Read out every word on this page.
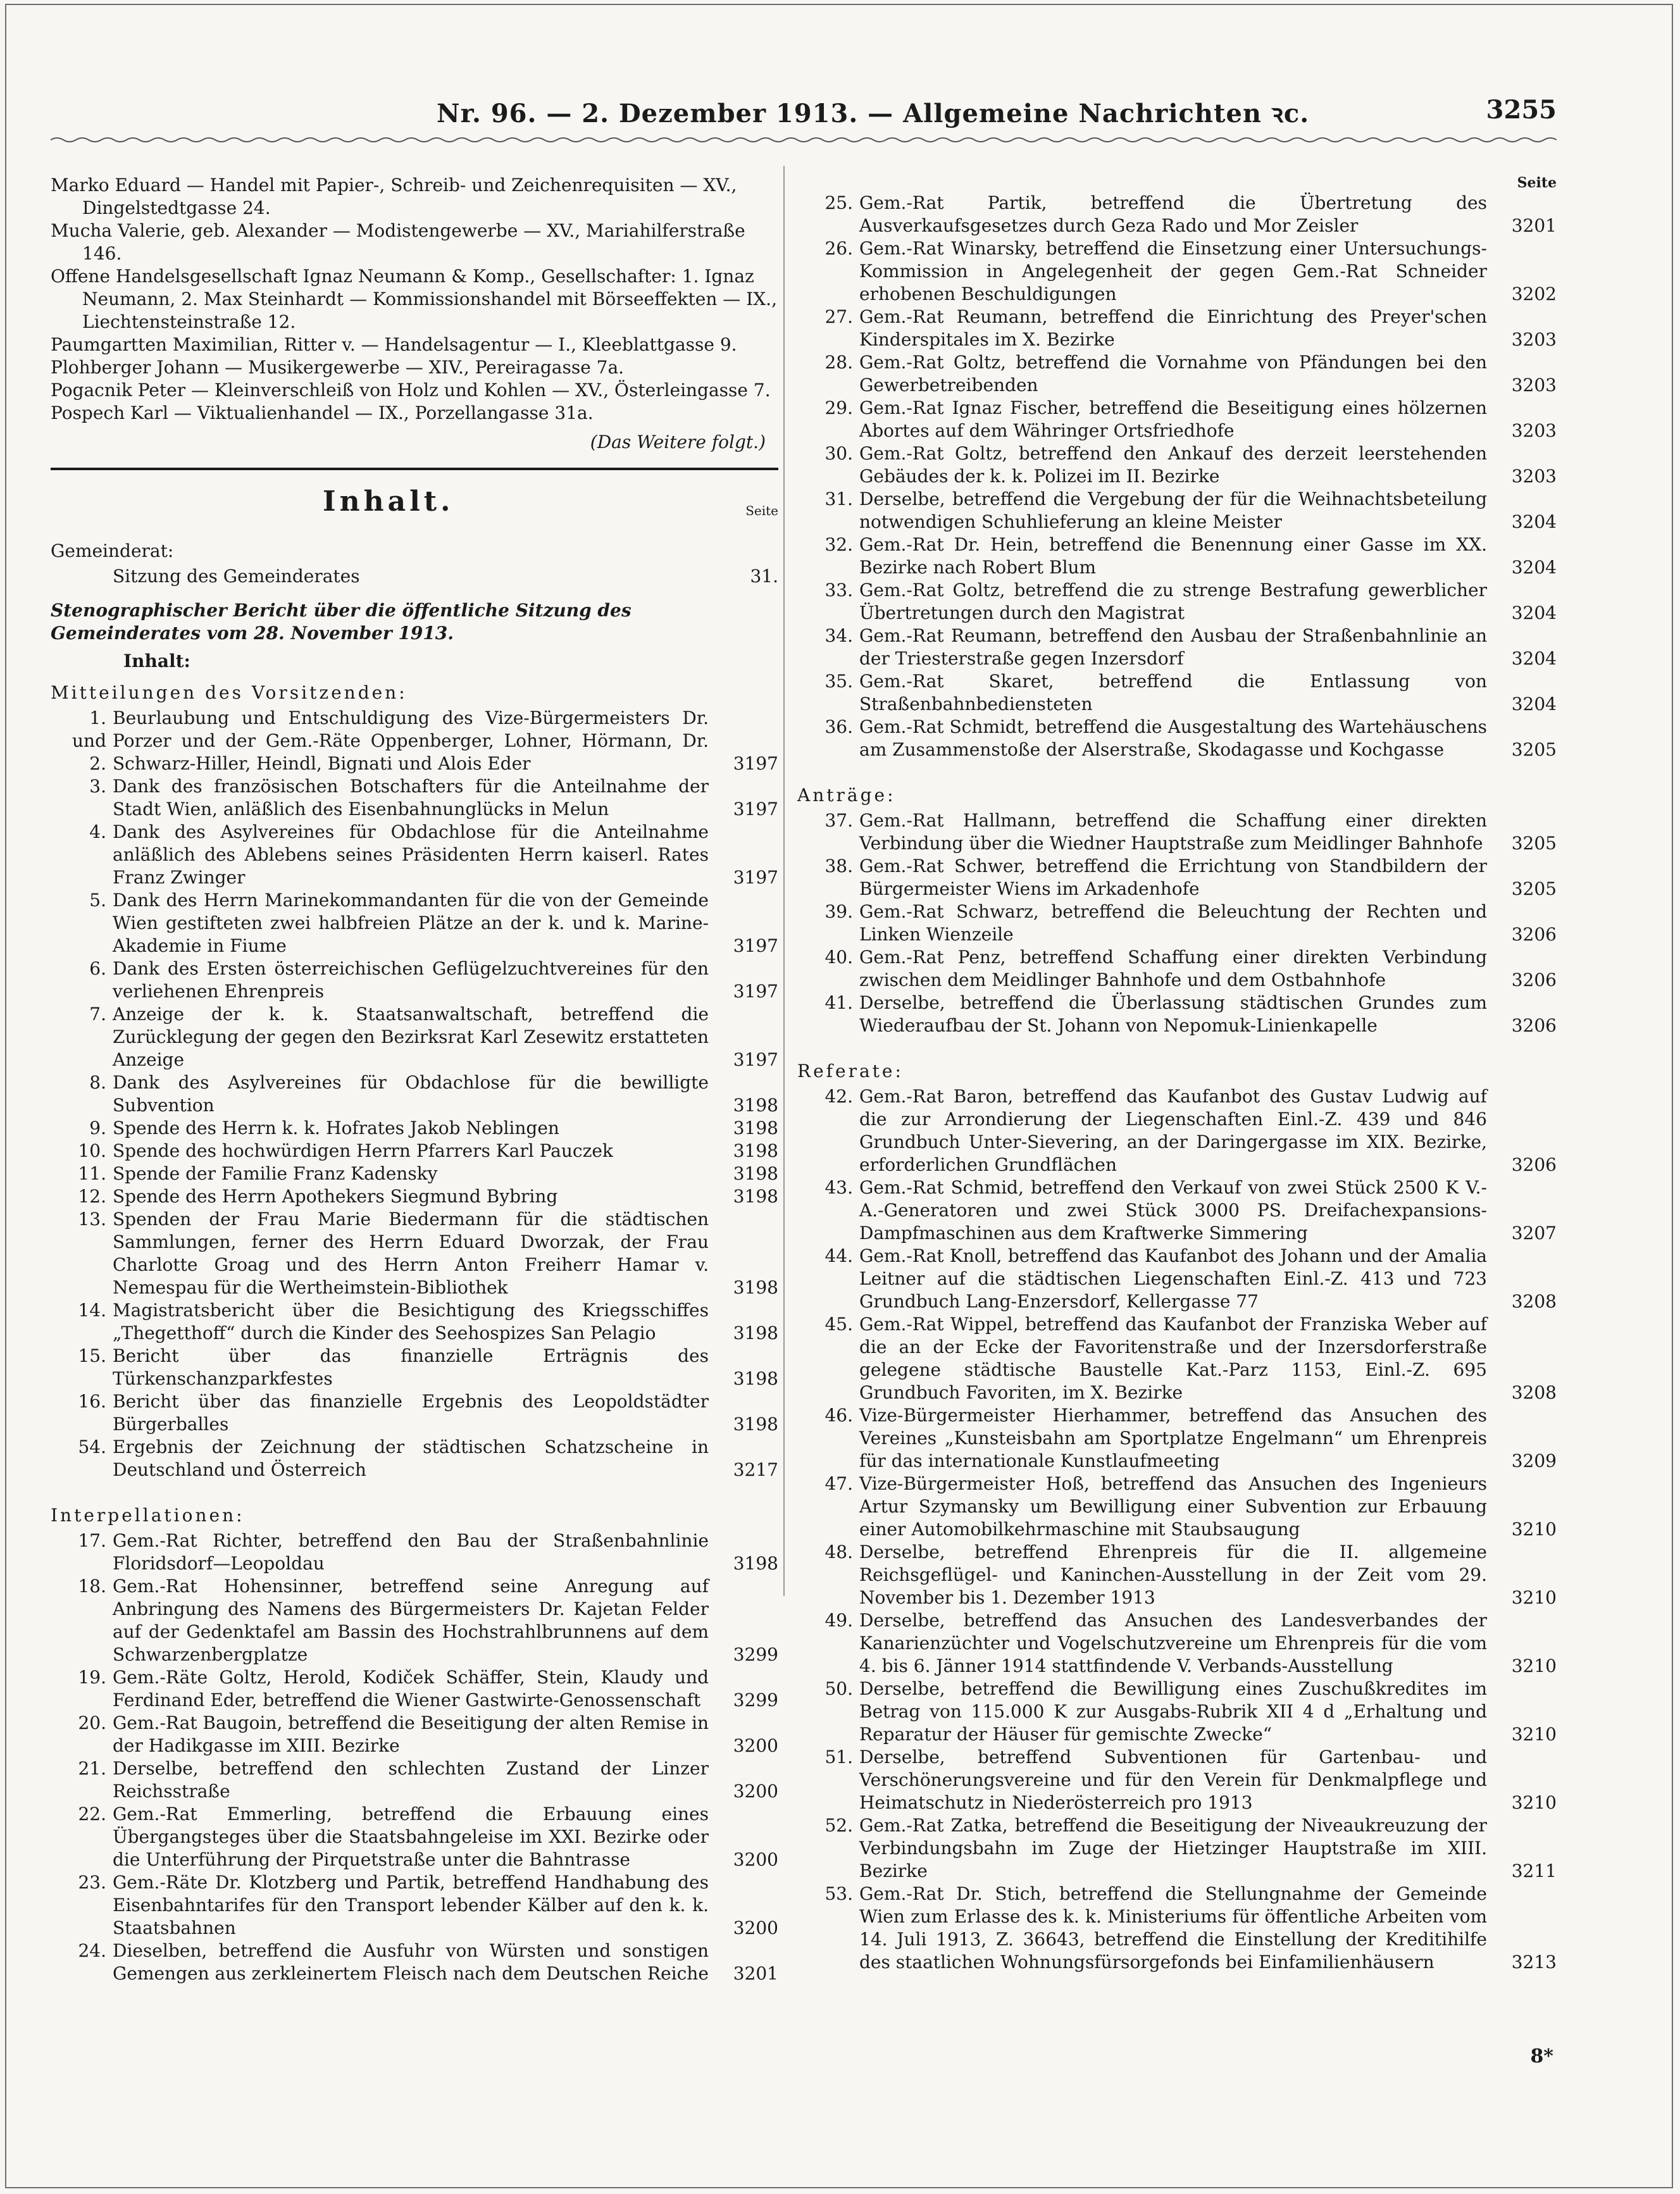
Nr. 96. — 2. Dezember 1913. — Allgemeine Nachrichten ꝛc.	3255

Marko Eduard — Handel mit Papier-, Schreib- und Zeichenrequisiten — XV., Dingelstedtgasse 24.

Mucha Valerie, geb. Alexander — Modistengewerbe — XV., Mariahilferstraße 146.

Offene Handelsgesellschaft Ignaz Neumann & Komp., Gesellschafter: 1. Ignaz Neumann, 2. Max Steinhardt — Kommissionshandel mit Börseeffekten — IX., Liechtensteinstraße 12.

Paumgartten Maximilian, Ritter v. — Handelsagentur — I., Kleeblattgasse 9.

Plohberger Johann — Musikergewerbe — XIV., Pereiragasse 7a.

Pogacnik Peter — Kleinverschleiß von Holz und Kohlen — XV., Österleingasse 7.

Pospech Karl — Viktualienhandel — IX., Porzellangasse 31a.

(Das Weitere folgt.)
Inhalt.	Seite
Gemeinderat:
Sitzung des Gemeinderates	31.
Stenographischer Bericht über die öffentliche Sitzung des Gemeinderates vom 28. November 1913.
Inhalt:
Mitteilungen des Vorsitzenden:
1. und 2.
Beurlaubung und Entschuldigung des Vize-Bürgermeisters Dr. Porzer und der Gem.-Räte Oppenberger, Lohner, Hörmann, Dr. Schwarz-Hiller, Heindl, Bignati und Alois Eder	3197
3. Dank des französischen Botschafters für die Anteilnahme der Stadt Wien, anläßlich des Eisenbahnunglücks in Melun	3197
4. Dank des Asylvereines für Obdachlose für die Anteilnahme anläßlich des Ablebens seines Präsidenten Herrn kaiserl. Rates Franz Zwinger	3197
5. Dank des Herrn Marinekommandanten für die von der Gemeinde Wien gestifteten zwei halbfreien Plätze an der k. und k. Marine-Akademie in Fiume	3197
6. Dank des Ersten österreichischen Geflügelzuchtvereines für den verliehenen Ehrenpreis	3197
7. Anzeige der k. k. Staatsanwaltschaft, betreffend die Zurücklegung der gegen den Bezirksrat Karl Zesewitz erstatteten Anzeige	3197
8. Dank des Asylvereines für Obdachlose für die bewilligte Subvention	3198
9. Spende des Herrn k. k. Hofrates Jakob Neblingen	3198
10. Spende des hochwürdigen Herrn Pfarrers Karl Pauczek	3198
11. Spende der Familie Franz Kadensky	3198
12. Spende des Herrn Apothekers Siegmund Bybring	3198
13. Spenden der Frau Marie Biedermann für die städtischen Sammlungen, ferner des Herrn Eduard Dworzak, der Frau Charlotte Groag und des Herrn Anton Freiherr Hamar v. Nemespau für die Wertheimstein-Bibliothek	3198
14. Magistratsbericht über die Besichtigung des Kriegsschiffes „Thegetthoff“ durch die Kinder des Seehospizes San Pelagio	3198
15. Bericht über das finanzielle Erträgnis des Türkenschanzparkfestes	3198
16. Bericht über das finanzielle Ergebnis des Leopoldstädter Bürgerballes	3198
54. Ergebnis der Zeichnung der städtischen Schatzscheine in Deutschland und Österreich	3217
Interpellationen:
17. Gem.-Rat Richter, betreffend den Bau der Straßenbahnlinie Floridsdorf—Leopoldau	3198
18. Gem.-Rat Hohensinner, betreffend seine Anregung auf Anbringung des Namens des Bürgermeisters Dr. Kajetan Felder auf der Gedenktafel am Bassin des Hochstrahlbrunnens auf dem Schwarzenbergplatze	3299
19. Gem.-Räte Goltz, Herold, Kodiček Schäffer, Stein, Klaudy und Ferdinand Eder, betreffend die Wiener Gastwirte-Genossenschaft	3299
20. Gem.-Rat Baugoin, betreffend die Beseitigung der alten Remise in der Hadikgasse im XIII. Bezirke	3200
21. Derselbe, betreffend den schlechten Zustand der Linzer Reichsstraße	3200
22. Gem.-Rat Emmerling, betreffend die Erbauung eines Übergangsteges über die Staatsbahngeleise im XXI. Bezirke oder die Unterführung der Pirquetstraße unter die Bahntrasse	3200
23. Gem.-Räte Dr. Klotzberg und Partik, betreffend Handhabung des Eisenbahntarifes für den Transport lebender Kälber auf den k. k. Staatsbahnen	3200
24. Dieselben, betreffend die Ausfuhr von Würsten und sonstigen Gemengen aus zerkleinertem Fleisch nach dem Deutschen Reiche	3201
Seite
25. Gem.-Rat Partik, betreffend die Übertretung des Ausverkaufsgesetzes durch Geza Rado und Mor Zeisler	3201
26. Gem.-Rat Winarsky, betreffend die Einsetzung einer Untersuchungs-Kommission in Angelegenheit der gegen Gem.-Rat Schneider erhobenen Beschuldigungen	3202
27. Gem.-Rat Reumann, betreffend die Einrichtung des Preyer'schen Kinderspitales im X. Bezirke	3203
28. Gem.-Rat Goltz, betreffend die Vornahme von Pfändungen bei den Gewerbetreibenden	3203
29. Gem.-Rat Ignaz Fischer, betreffend die Beseitigung eines hölzernen Abortes auf dem Währinger Ortsfriedhofe	3203
30. Gem.-Rat Goltz, betreffend den Ankauf des derzeit leerstehenden Gebäudes der k. k. Polizei im II. Bezirke	3203
31. Derselbe, betreffend die Vergebung der für die Weihnachtsbeteilung notwendigen Schuhlieferung an kleine Meister	3204
32. Gem.-Rat Dr. Hein, betreffend die Benennung einer Gasse im XX. Bezirke nach Robert Blum	3204
33. Gem.-Rat Goltz, betreffend die zu strenge Bestrafung gewerblicher Übertretungen durch den Magistrat	3204
34. Gem.-Rat Reumann, betreffend den Ausbau der Straßenbahnlinie an der Triesterstraße gegen Inzersdorf	3204
35. Gem.-Rat Skaret, betreffend die Entlassung von Straßenbahnbediensteten	3204
36. Gem.-Rat Schmidt, betreffend die Ausgestaltung des Wartehäuschens am Zusammenstoße der Alserstraße, Skodagasse und Kochgasse	3205
Anträge:
37. Gem.-Rat Hallmann, betreffend die Schaffung einer direkten Verbindung über die Wiedner Hauptstraße zum Meidlinger Bahnhofe	3205
38. Gem.-Rat Schwer, betreffend die Errichtung von Standbildern der Bürgermeister Wiens im Arkadenhofe	3205
39. Gem.-Rat Schwarz, betreffend die Beleuchtung der Rechten und Linken Wienzeile	3206
40. Gem.-Rat Penz, betreffend Schaffung einer direkten Verbindung zwischen dem Meidlinger Bahnhofe und dem Ostbahnhofe	3206
41. Derselbe, betreffend die Überlassung städtischen Grundes zum Wiederaufbau der St. Johann von Nepomuk-Linienkapelle	3206
Referate:
42. Gem.-Rat Baron, betreffend das Kaufanbot des Gustav Ludwig auf die zur Arrondierung der Liegenschaften Einl.-Z. 439 und 846 Grundbuch Unter-Sievering, an der Daringergasse im XIX. Bezirke, erforderlichen Grundflächen	3206
43. Gem.-Rat Schmid, betreffend den Verkauf von zwei Stück 2500 K V.-A.-Generatoren und zwei Stück 3000 PS. Dreifachexpansions-Dampfmaschinen aus dem Kraftwerke Simmering	3207
44. Gem.-Rat Knoll, betreffend das Kaufanbot des Johann und der Amalia Leitner auf die städtischen Liegenschaften Einl.-Z. 413 und 723 Grundbuch Lang-Enzersdorf, Kellergasse 77	3208
45. Gem.-Rat Wippel, betreffend das Kaufanbot der Franziska Weber auf die an der Ecke der Favoritenstraße und der Inzersdorferstraße gelegene städtische Baustelle Kat.-Parz 1153, Einl.-Z. 695 Grundbuch Favoriten, im X. Bezirke	3208
46. Vize-Bürgermeister Hierhammer, betreffend das Ansuchen des Vereines „Kunsteisbahn am Sportplatze Engelmann“ um Ehrenpreis für das internationale Kunstlaufmeeting	3209
47. Vize-Bürgermeister Hoß, betreffend das Ansuchen des Ingenieurs Artur Szymansky um Bewilligung einer Subvention zur Erbauung einer Automobilkehrmaschine mit Staubsaugung	3210
48. Derselbe, betreffend Ehrenpreis für die II. allgemeine Reichsgeflügel- und Kaninchen-Ausstellung in der Zeit vom 29. November bis 1. Dezember 1913	3210
49. Derselbe, betreffend das Ansuchen des Landesverbandes der Kanarienzüchter und Vogelschutzvereine um Ehrenpreis für die vom 4. bis 6. Jänner 1914 stattfindende V. Verbands-Ausstellung	3210
50. Derselbe, betreffend die Bewilligung eines Zuschußkredites im Betrag von 115.000 K zur Ausgabs-Rubrik XII 4 d „Erhaltung und Reparatur der Häuser für gemischte Zwecke“	3210
51. Derselbe, betreffend Subventionen für Gartenbau- und Verschönerungsvereine und für den Verein für Denkmalpflege und Heimatschutz in Niederösterreich pro 1913	3210
52. Gem.-Rat Zatka, betreffend die Beseitigung der Niveaukreuzung der Verbindungsbahn im Zuge der Hietzinger Hauptstraße im XIII. Bezirke	3211
53. Gem.-Rat Dr. Stich, betreffend die Stellungnahme der Gemeinde Wien zum Erlasse des k. k. Ministeriums für öffentliche Arbeiten vom 14. Juli 1913, Z. 36643, betreffend die Einstellung der Kreditihilfe des staatlichen Wohnungsfürsorgefonds bei Einfamilienhäusern	3213
8*
